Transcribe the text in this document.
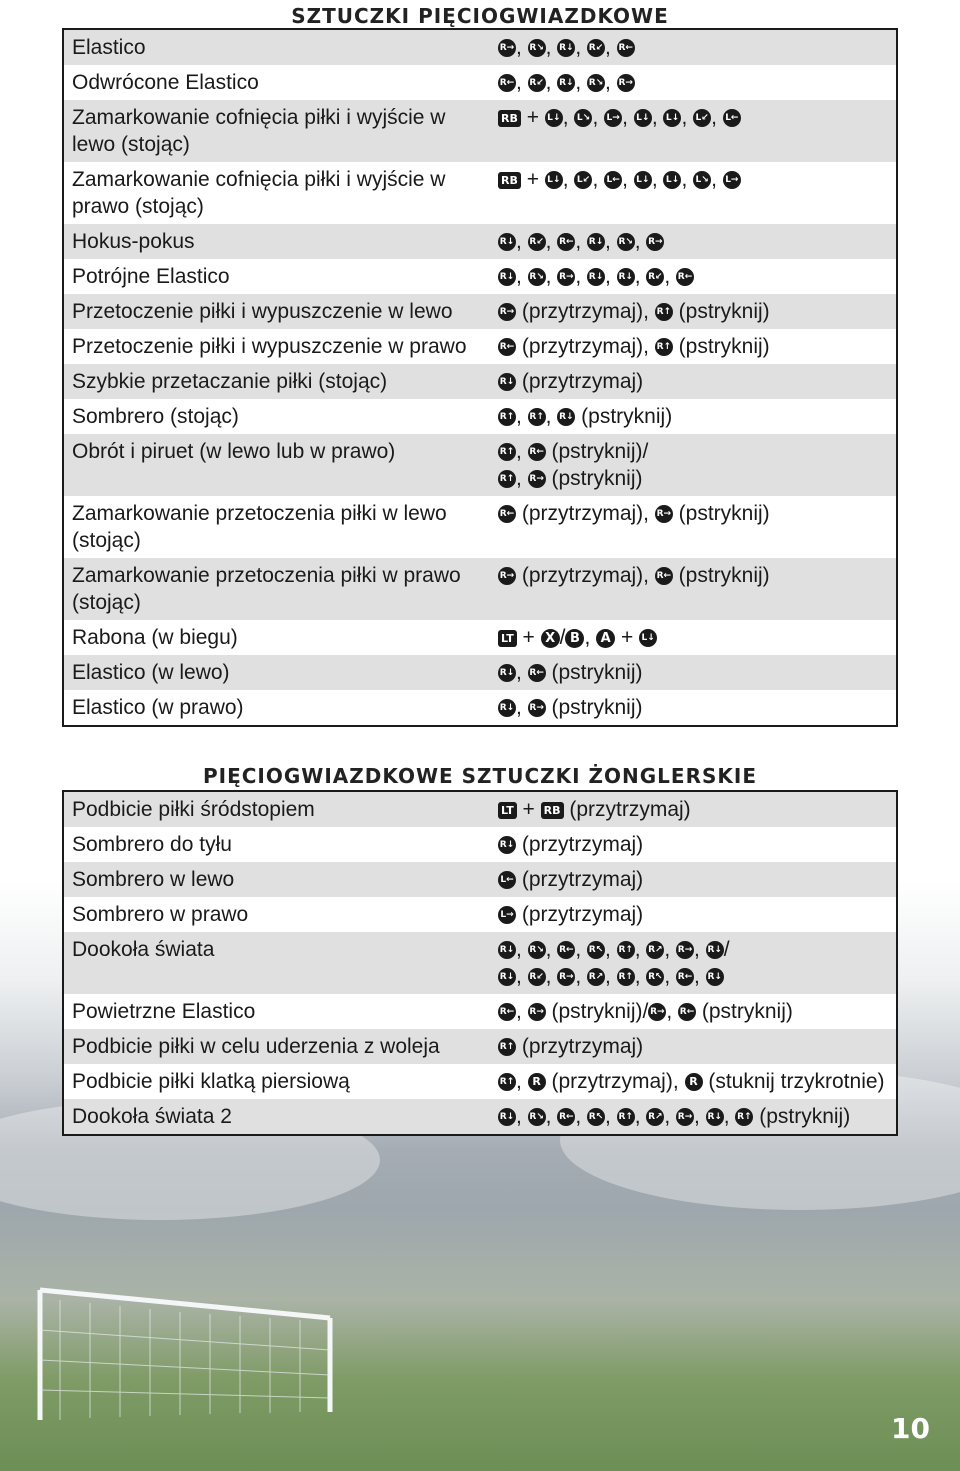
SZTUCZKI PIĘCIOGWIAZDKOWE
Elastico	R→, R↘, R↓, R↙, R←

Odwrócone Elastico	R←, R↙, R↓, R↘, R→

Zamarkowanie cofnięcia piłki i wyjście w lewo (stojąc)	RB + L↓ , L↘ , L→ , L↓ , L↓ , L↙ , L←

Zamarkowanie cofnięcia piłki i wyjście w prawo (stojąc)	RB + L↓ , L↙ , L← , L↓ , L↓ , L↘ , L→

Hokus-pokus	R↓, R↙, R←, R↓, R↘, R→

Potrójne Elastico	R↓, R↘, R→, R↓, R↓, R↙, R←

Przetoczenie piłki i wypuszczenie w lewo	R→ (przytrzymaj), R↑ (pstryknij)

Przetoczenie piłki i wypuszczenie w prawo	R← (przytrzymaj), R↑ (pstryknij)

Szybkie przetaczanie piłki (stojąc)	R↓ (przytrzymaj)

Sombrero (stojąc)	R↑, R↑, R↓ (pstryknij)

Obrót i piruet (w lewo lub w prawo)	R↑, R← (pstryknij)/
R↑, R→ (pstryknij)

Zamarkowanie przetoczenia piłki w lewo (stojąc)	R← (przytrzymaj), R→ (pstryknij)

Zamarkowanie przetoczenia piłki w prawo (stojąc)	R→ (przytrzymaj), R← (pstryknij)

Rabona (w biegu)	LT + X / B , A + L↓

Elastico (w lewo)	R↓, R← (pstryknij)

Elastico (w prawo)	R↓, R→ (pstryknij)
PIĘCIOGWIAZDKOWE SZTUCZKI ŻONGLERSKIE
Podbicie piłki śródstopiem	LT + RB (przytrzymaj)

Sombrero do tyłu	R↓ (przytrzymaj)

Sombrero w lewo	L← (przytrzymaj)

Sombrero w prawo	L→ (przytrzymaj)

Dookoła świata	R↓, R↘, R←, R↖, R↑, R↗, R→, R↓/
R↓, R↙, R→, R↗, R↑, R↖, R←, R↓

Powietrzne Elastico	R←, R→ (pstryknij)/ R→, R← (pstryknij)

Podbicie piłki w celu uderzenia z woleja	R↑ (przytrzymaj)

Podbicie piłki klatką piersiową	R↑, R (przytrzymaj), R (stuknij trzykrotnie)

Dookoła świata 2	R↓, R↘, R←, R↖, R↑, R↗, R→, R↓, R↑ (pstryknij)
10
